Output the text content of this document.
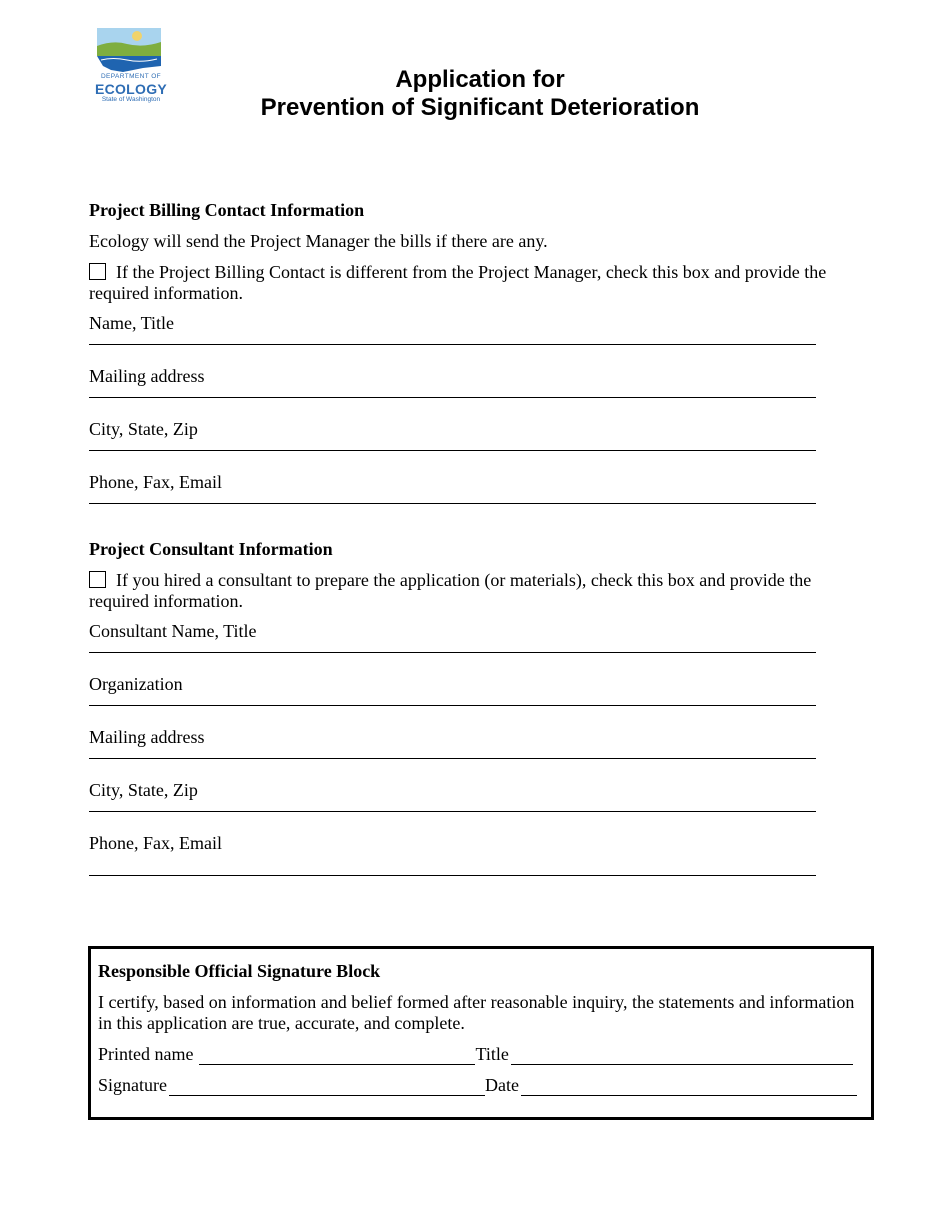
DEPARTMENT OF
ECOLOGY
State of Washington
Application for
Prevention of Significant Deterioration
Project Billing Contact Information
Ecology will send the Project Manager the bills if there are any.
If the Project Billing Contact is different from the Project Manager, check this box and provide the required information.
Name, Title
Mailing address
City, State, Zip
Phone, Fax, Email
Project Consultant Information
If you hired a consultant to prepare the application (or materials), check this box and provide the required information.
Consultant Name, Title
Organization
Mailing address
City, State, Zip
Phone, Fax, Email
Responsible Official Signature Block
I certify, based on information and belief formed after reasonable inquiry, the statements and information in this application are true, accurate, and complete.
Printed name	Title
Signature	Date
